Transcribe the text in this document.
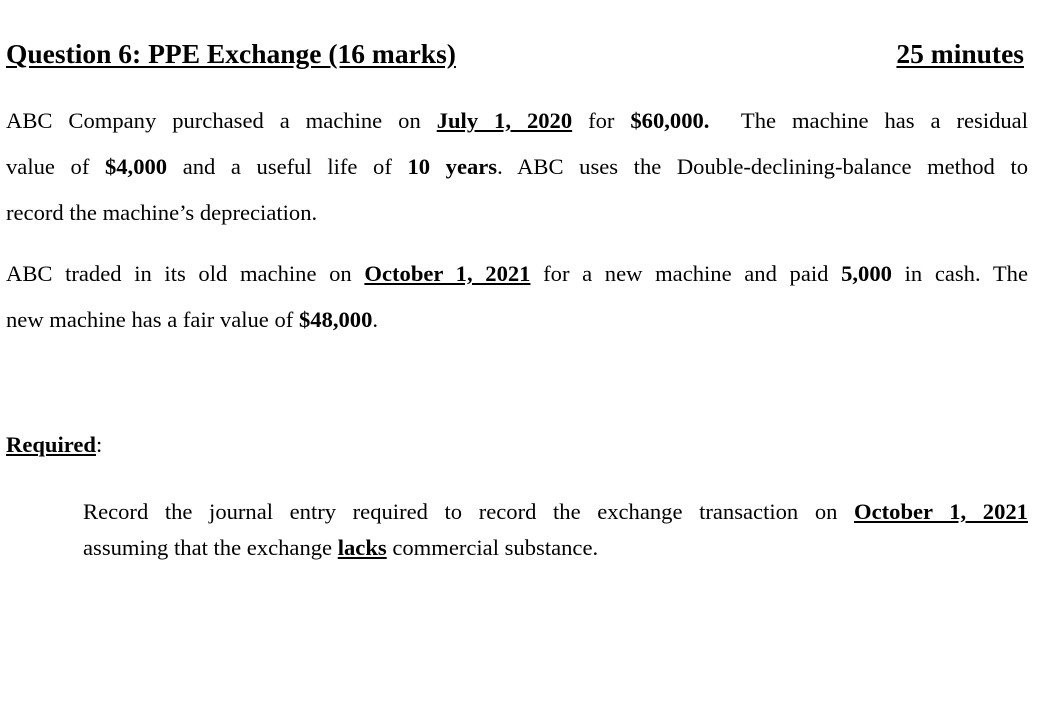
Question 6: PPE Exchange (16 marks)	25 minutes
ABC Company purchased a machine on July 1, 2020 for $60,000.  The machine has a residual
value of $4,000 and a useful life of 10 years. ABC uses the Double-declining-balance method to
record the machine’s depreciation.
ABC traded in its old machine on October 1, 2021 for a new machine and paid 5,000 in cash. The
new machine has a fair value of $48,000.
Required:
Record the journal entry required to record the exchange transaction on October 1, 2021
assuming that the exchange lacks commercial substance.
